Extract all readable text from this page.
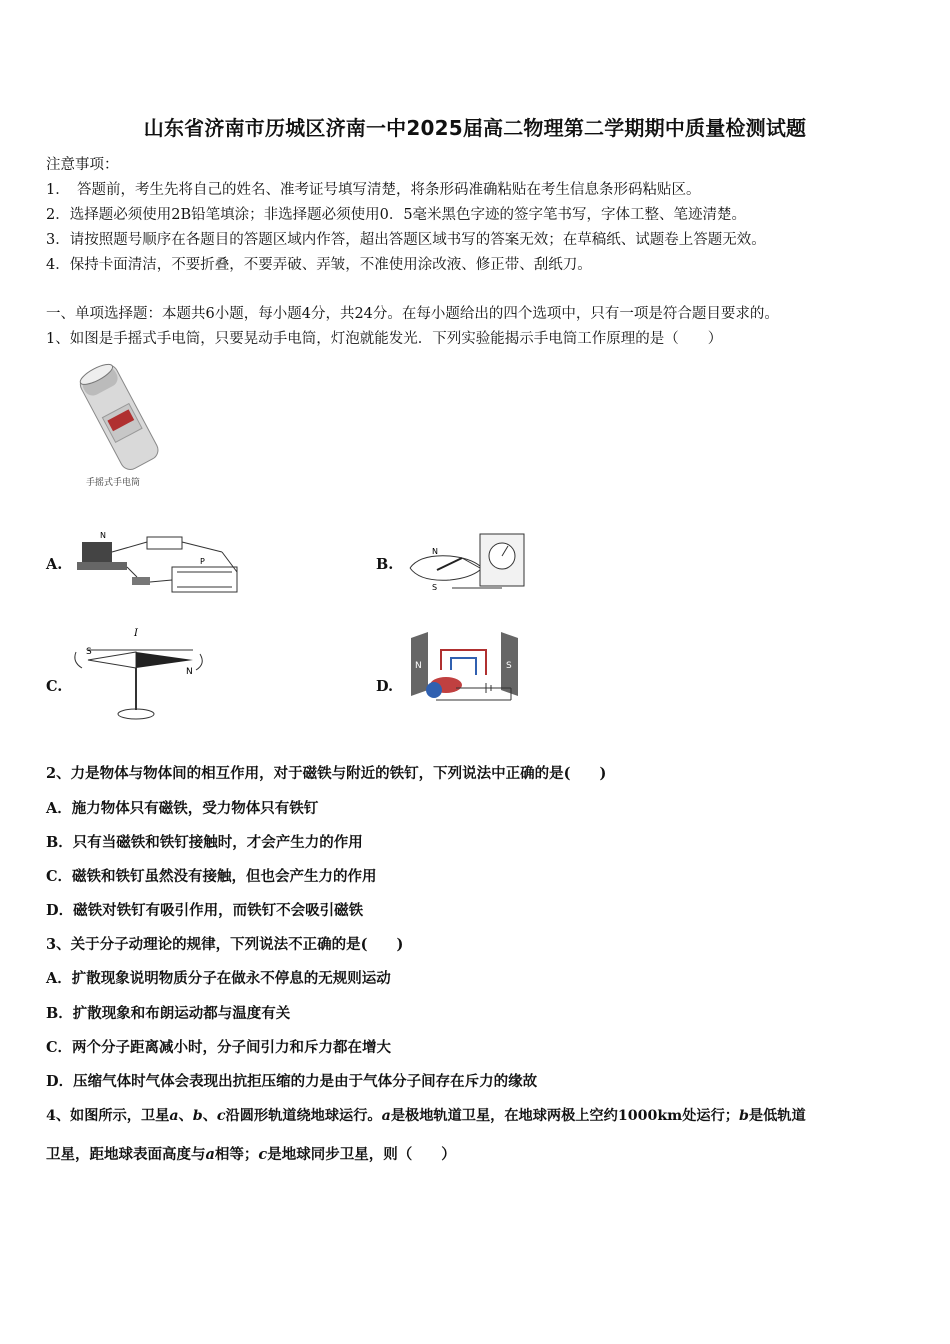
山东省济南市历城区济南一中2025届高二物理第二学期期中质量检测试题
注意事项：
1．　答题前，考生先将自己的姓名、准考证号填写清楚，将条形码准确粘贴在考生信息条形码粘贴区。
2．选择题必须使用2B铅笔填涂；非选择题必须使用0．5毫米黑色字迹的签字笔书写，字体工整、笔迹清楚。
3．请按照题号顺序在各题目的答题区域内作答，超出答题区域书写的答案无效；在草稿纸、试题卷上答题无效。
4．保持卡面清洁，不要折叠，不要弄破、弄皱，不准使用涂改液、修正带、刮纸刀。
一、单项选择题：本题共6小题，每小题4分，共24分。在每小题给出的四个选项中，只有一项是符合题目要求的。
1、如图是手摇式手电筒，只要晃动手电筒，灯泡就能发光．下列实验能揭示手电筒工作原理的是（　　）
手摇式手电筒
A.
N
P	B.
N
S
C.
I
S
N
D.
N	S
2、力是物体与物体间的相互作用，对于磁铁与附近的铁钉，下列说法中正确的是(　　)
A．施力物体只有磁铁，受力物体只有铁钉
B．只有当磁铁和铁钉接触时，才会产生力的作用
C．磁铁和铁钉虽然没有接触，但也会产生力的作用
D．磁铁对铁钉有吸引作用，而铁钉不会吸引磁铁
3、关于分子动理论的规律，下列说法不正确的是(　　)
A．扩散现象说明物质分子在做永不停息的无规则运动
B．扩散现象和布朗运动都与温度有关
C．两个分子距离减小时，分子间引力和斥力都在增大
D．压缩气体时气体会表现出抗拒压缩的力是由于气体分子间存在斥力的缘故
4、如图所示，卫星a、b、c沿圆形轨道绕地球运行。a是极地轨道卫星，在地球两极上空约1000km处运行；b是低轨道
卫星，距地球表面高度与a相等；c是地球同步卫星，则（　　）
